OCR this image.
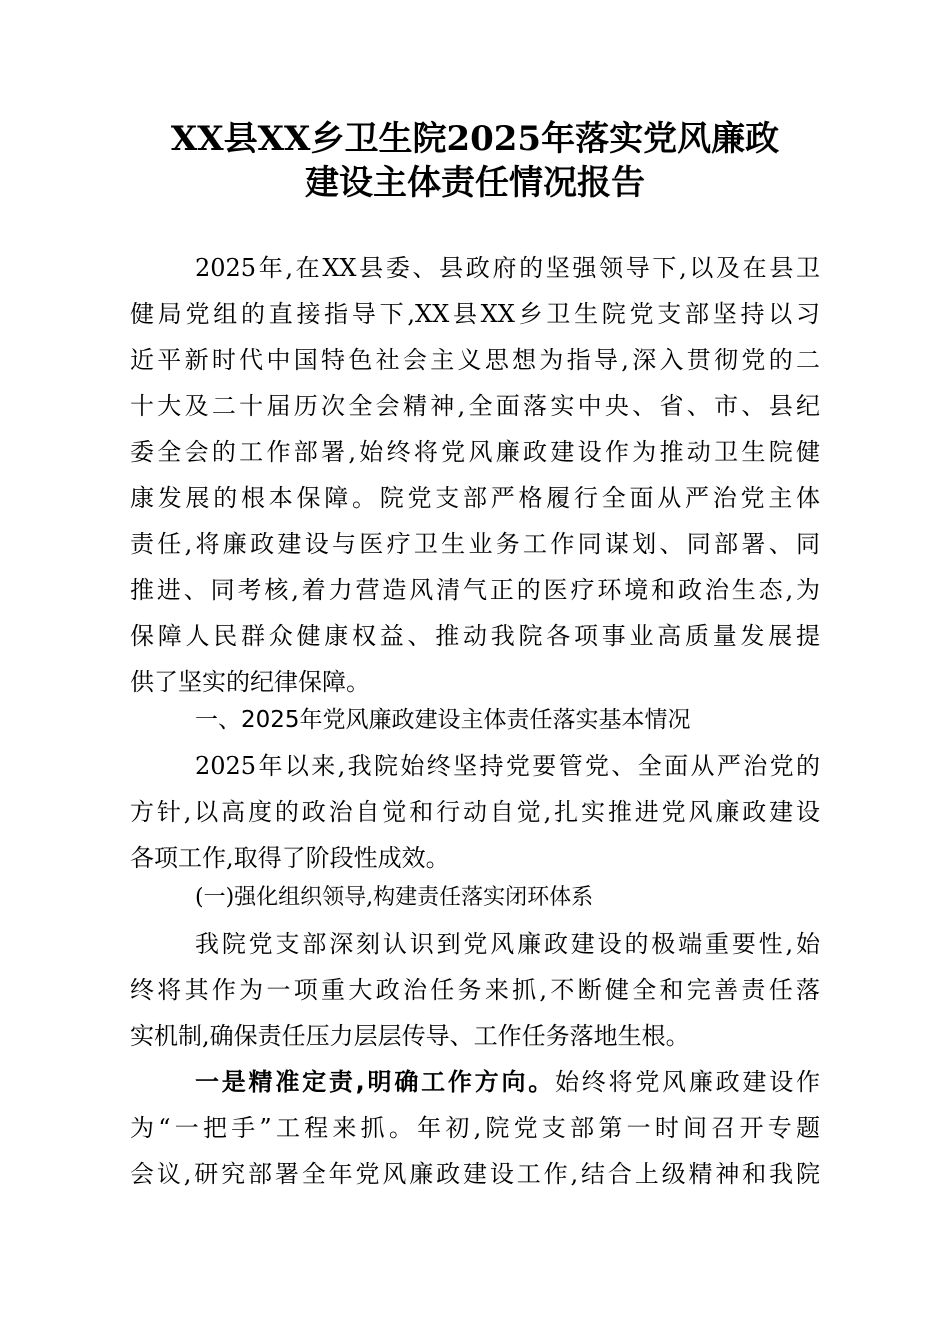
XX县XX乡卫生院2025年落实党风廉政
建设主体责任情况报告
2025年,在XX县委、县政府的坚强领导下,以及在县卫
健局党组的直接指导下,XX县XX乡卫生院党支部坚持以习
近平新时代中国特色社会主义思想为指导,深入贯彻党的二
十大及二十届历次全会精神,全面落实中央、省、市、县纪
委全会的工作部署,始终将党风廉政建设作为推动卫生院健
康发展的根本保障。院党支部严格履行全面从严治党主体
责任,将廉政建设与医疗卫生业务工作同谋划、同部署、同
推进、同考核,着力营造风清气正的医疗环境和政治生态,为
保障人民群众健康权益、推动我院各项事业高质量发展提
供了坚实的纪律保障。
一、2025年党风廉政建设主体责任落实基本情况
2025年以来,我院始终坚持党要管党、全面从严治党的
方针,以高度的政治自觉和行动自觉,扎实推进党风廉政建设
各项工作,取得了阶段性成效。
(一)强化组织领导,构建责任落实闭环体系
我院党支部深刻认识到党风廉政建设的极端重要性,始
终将其作为一项重大政治任务来抓,不断健全和完善责任落
实机制,确保责任压力层层传导、工作任务落地生根。
一是精准定责,明确工作方向。始终将党风廉政建设作
为“一把手”工程来抓。年初,院党支部第一时间召开专题
会议,研究部署全年党风廉政建设工作,结合上级精神和我院
